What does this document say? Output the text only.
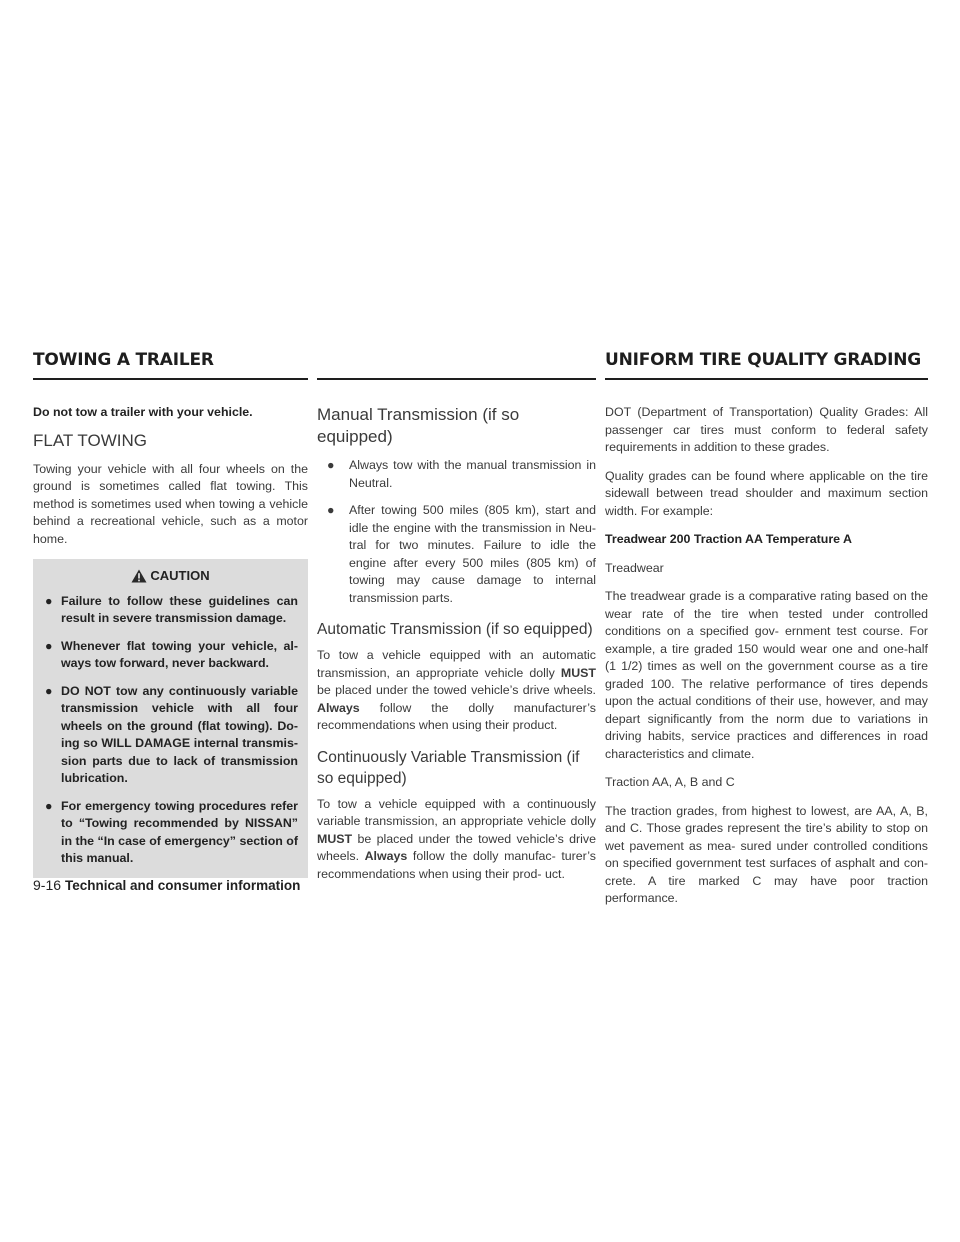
TOWING A TRAILER	UNIFORM TIRE QUALITY GRADING

Do not tow a trailer with your vehicle.

FLAT TOWING

Towing your vehicle with all four wheels on the ground is sometimes called flat towing. This method is sometimes used when towing a vehicle behind a recreational vehicle, such as a motor home.

CAUTION
● Failure to follow these guidelines can result in severe transmission damage.
● Whenever flat towing your vehicle, al- ways tow forward, never backward.
● DO NOT tow any continuously variable transmission vehicle with all four wheels on the ground (flat towing). Do- ing so WILL DAMAGE internal transmis- sion parts due to lack of transmission lubrication.
● For emergency towing procedures refer to “Towing recommended by NISSAN” in the “In case of emergency” section of this manual.
Manual Transmission (if so equipped)
● Always tow with the manual transmission in Neutral.
● After towing 500 miles (805 km), start and idle the engine with the transmission in Neu- tral for two minutes. Failure to idle the engine after every 500 miles (805 km) of towing may cause damage to internal transmission parts.
Automatic Transmission (if so equipped)

To tow a vehicle equipped with an automatic transmission, an appropriate vehicle dolly MUST be placed under the towed vehicle’s drive wheels. Always follow the dolly manufacturer’s recommendations when using their product.

Continuously Variable Transmission (if so equipped)

To tow a vehicle equipped with a continuously variable transmission, an appropriate vehicle dolly MUST be placed under the towed vehicle’s drive wheels. Always follow the dolly manufac- turer’s recommendations when using their prod- uct.

DOT (Department of Transportation) Quality Grades: All passenger car tires must conform to federal safety requirements in addition to these grades.

Quality grades can be found where applicable on the tire sidewall between tread shoulder and maximum section width. For example:

Treadwear 200 Traction AA Temperature A

Treadwear

The treadwear grade is a comparative rating based on the wear rate of the tire when tested under controlled conditions on a specified gov- ernment test course. For example, a tire graded 150 would wear one and one-half (1 1/2) times as well on the government course as a tire graded 100. The relative performance of tires depends upon the actual conditions of their use, however, and may depart significantly from the norm due to variations in driving habits, service practices and differences in road characteristics and climate.

Traction AA, A, B and C

The traction grades, from highest to lowest, are AA, A, B, and C. Those grades represent the tire’s ability to stop on wet pavement as mea- sured under controlled conditions on specified government test surfaces of asphalt and con- crete. A tire marked C may have poor traction performance.

9-16 Technical and consumer information
